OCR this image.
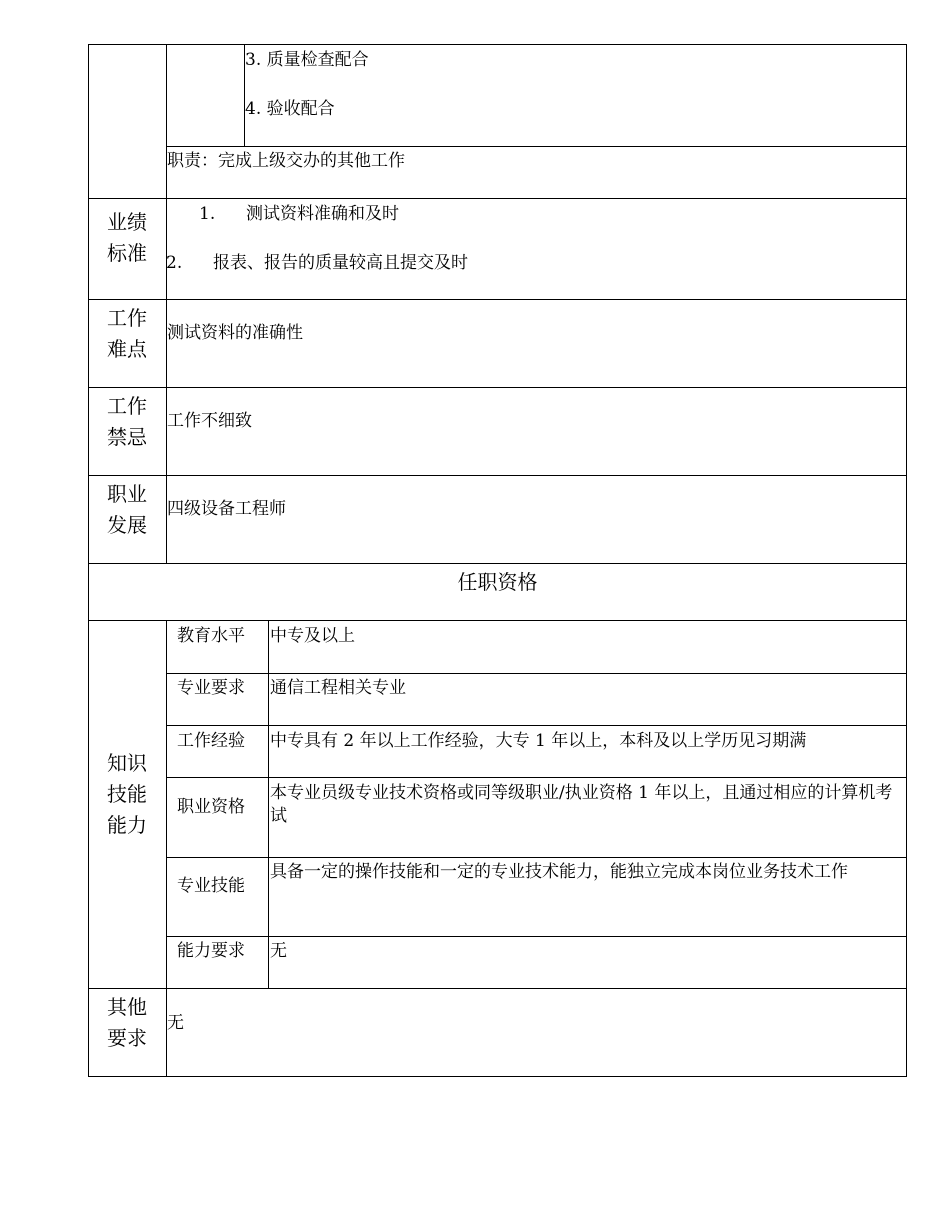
3. 质量检查配合
4. 验收配合
职责：完成上级交办的其他工作
业绩
标准
1. 测试资料准确和及时
2. 报表、报告的质量较高且提交及时
工作
难点
测试资料的准确性
工作
禁忌
工作不细致
职业
发展
四级设备工程师
任职资格
知识
技能
能力
教育水平 中专及以上
专业要求 通信工程相关专业
工作经验 中专具有 2 年以上工作经验，大专 1 年以上，本科及以上学历见习期满
职业资格
本专业员级专业技术资格或同等级职业/执业资格 1 年以上，且通过相应的计算机考试
专业技能
具备一定的操作技能和一定的专业技术能力，能独立完成本岗位业务技术工作
能力要求 无
其他
要求
无
